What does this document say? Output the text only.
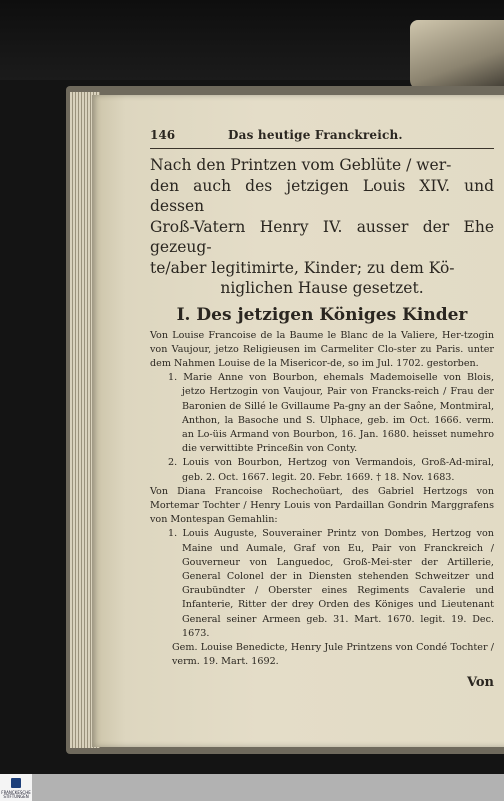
146	Das heutige Franckreich.

Nach den Printzen vom Geblüte / wer-

den auch des jetzigen Louis XIV. und dessen

Groß-Vatern Henry IV. ausser der Ehe gezeug-

te/aber legitimirte, Kinder; zu dem Kö-

niglichen Hause gesetzet.

I. Des jetzigen Königes Kinder

Von Louise Francoise de la Baume le Blanc de la Valiere, Her-tzogin von Vaujour, jetzo Religieusen im Carmeliter Clo-ster zu Paris. unter dem Nahmen Louise de la Misericor-de, so im Jul. 1702. gestorben.

1. Marie Anne von Bourbon, ehemals Mademoiselle von Blois, jetzo Hertzogin von Vaujour, Pair von Francks-reich / Frau der Baronien de Sillé le Gvillaume Pa-gny an der Saône, Montmiral, Anthon, la Basoche und S. Ulphace, geb. im Oct. 1666. verm. an Lo-üis Armand von Bourbon, 16. Jan. 1680. heisset numehro die verwittibte Princeßin von Conty.

2. Louis von Bourbon, Hertzog von Vermandois, Groß-Ad-miral, geb. 2. Oct. 1667. legit. 20. Febr. 1669. † 18. Nov. 1683.

Von Diana Francoise Rochechoüart, des Gabriel Hertzogs von Mortemar Tochter / Henry Louis von Pardaillan Gondrin Marggrafens von Montespan Gemahlin:

1. Louis Auguste, Souverainer Printz von Dombes, Hertzog von Maine und Aumale, Graf von Eu, Pair von Franckreich / Gouverneur von Languedoc, Groß-Mei-ster der Artillerie, General Colonel der in Diensten stehenden Schweitzer und Graubündter / Oberster eines Regiments Cavalerie und Infanterie, Ritter der drey Orden des Königes und Lieutenant General seiner Armeen geb. 31. Mart. 1670. legit. 19. Dec. 1673.

Gem. Louise Benedicte, Henry Jule Printzens von Condé Tochter / verm. 19. Mart. 1692.

Von
FRANCKESCHE STIFTUNGEN
